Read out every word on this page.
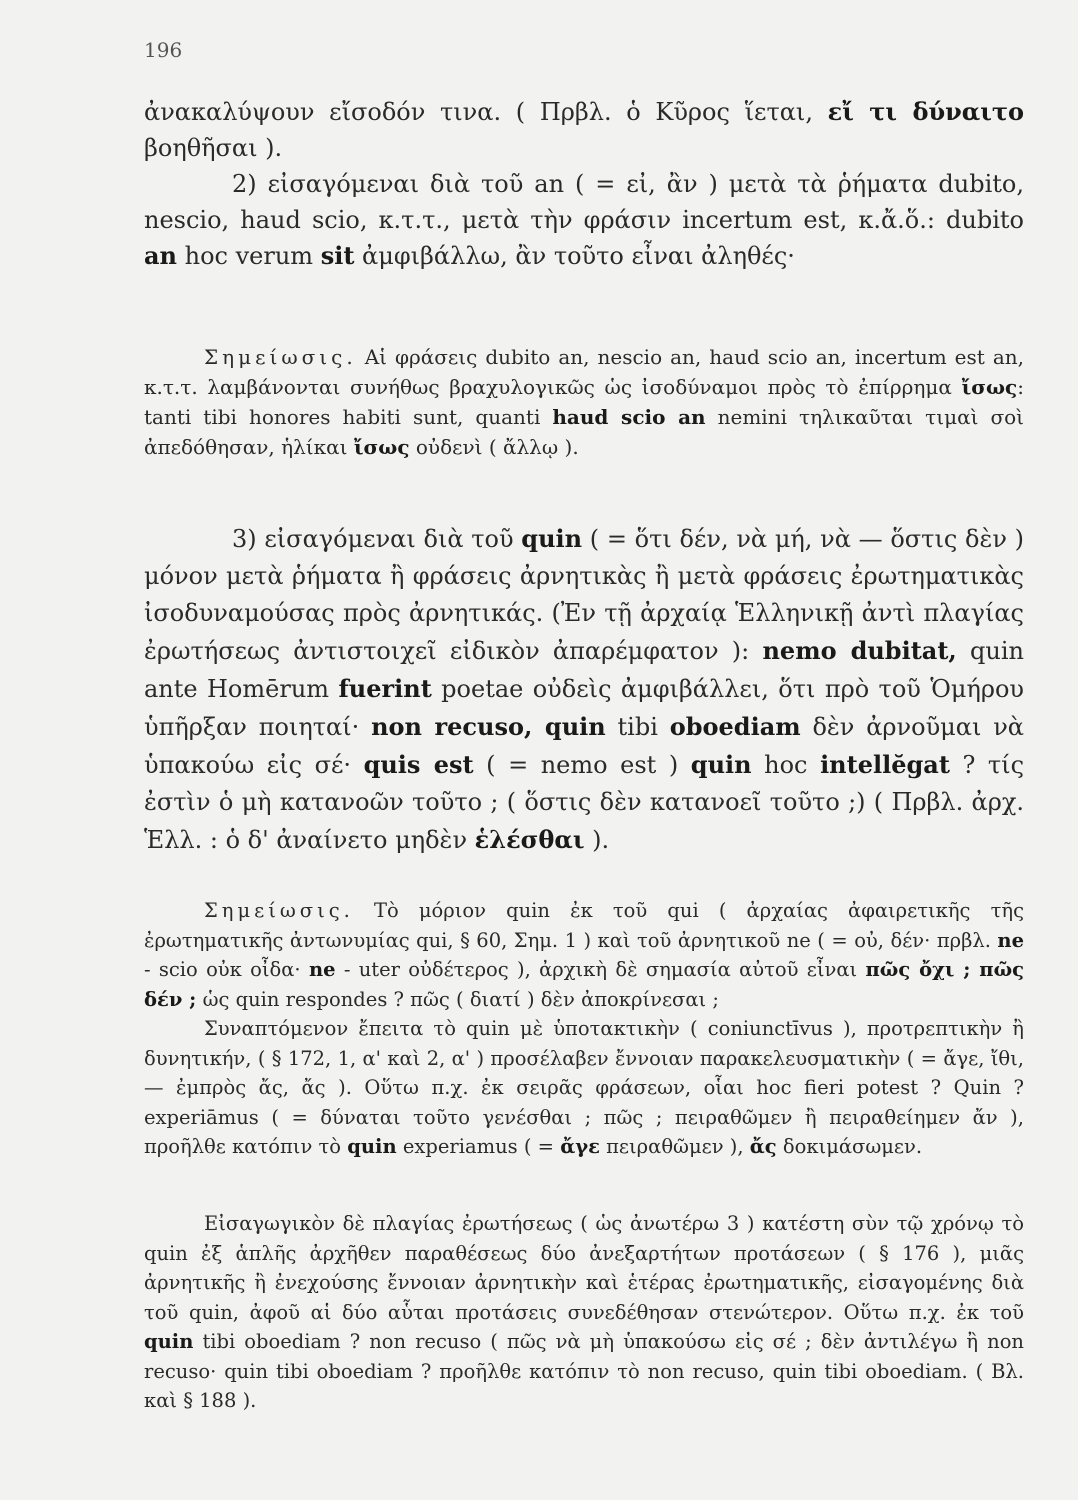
196

ἀνακαλύψουν εἴσοδόν τινα. ( Πρβλ. ὁ Κῦρος ἵεται, εἴ τι δύναιτο βοηθῆσαι ).

2) εἰσαγόμεναι διὰ τοῦ an ( = εἰ, ἂν ) μετὰ τὰ ῥήματα dubito, nescio, haud scio, κ.τ.τ., μετὰ τὴν φράσιν incertum est, κ.ἄ.ὅ.: dubito an hoc verum sit ἀμφιβάλλω, ἂν τοῦτο εἶναι ἀληθές·

Σημείωσις. Αἱ φράσεις dubito an, nescio an, haud scio an, incertum est an, κ.τ.τ. λαμβάνονται συνήθως βραχυλογικῶς ὡς ἰσοδύναμοι πρὸς τὸ ἐπίρρημα ἴσως: tanti tibi honores habiti sunt, quanti haud scio an nemini τηλικαῦται τιμαὶ σοὶ ἀπεδόθησαν, ἡλίκαι ἴσως οὐδενὶ ( ἄλλῳ ).

3) εἰσαγόμεναι διὰ τοῦ quin ( = ὅτι δέν, νὰ μή, νὰ — ὅστις δὲν ) μόνον μετὰ ῥήματα ἢ φράσεις ἀρνητικὰς ἢ μετὰ φράσεις ἐρωτηματικὰς ἰσοδυναμούσας πρὸς ἀρνητικάς. (Ἐν τῇ ἀρχαίᾳ Ἑλληνικῇ ἀντὶ πλαγίας ἐρωτήσεως ἀντιστοιχεῖ εἰδικὸν ἀπαρέμφατον ): nemo dubitat, quin ante Homērum fuerint poetae οὐδεὶς ἀμφιβάλλει, ὅτι πρὸ τοῦ Ὁμήρου ὑπῆρξαν ποιηταί· non recuso, quin tibi oboediam δὲν ἀρνοῦμαι νὰ ὑπακούω εἰς σέ· quis est ( = nemo est ) quin hoc intellĕgat ? τίς ἐστὶν ὁ μὴ κατανοῶν τοῦτο ; ( ὅστις δὲν κατανοεῖ τοῦτο ;) ( Πρβλ. ἀρχ. Ἑλλ. : ὁ δ' ἀναίνετο μηδὲν ἑλέσθαι ).

Σημείωσις. Τὸ μόριον quin ἐκ τοῦ qui ( ἀρχαίας ἀφαιρετικῆς τῆς ἐρωτηματικῆς ἀντωνυμίας qui, § 60, Σημ. 1 ) καὶ τοῦ ἀρνητικοῦ ne ( = οὐ, δέν· πρβλ. ne - scio οὐκ οἶδα· ne - uter οὐδέτερος ), ἀρχικὴ δὲ σημασία αὐτοῦ εἶναι πῶς ὄχι ; πῶς δέν ; ὡς quin respondes ? πῶς ( διατί ) δὲν ἀποκρίνεσαι ;

Συναπτόμενον ἔπειτα τὸ quin μὲ ὑποτακτικὴν ( coniunctīvus ), προτρεπτικὴν ἢ δυνητικήν, ( § 172, 1, α' καὶ 2, α' ) προσέλαβεν ἔννοιαν παρακελευσματικὴν ( = ἄγε, ἴθι,— ἐμπρὸς ἄς, ἄς ). Οὕτω π.χ. ἐκ σειρᾶς φράσεων, οἷαι hoc fieri potest ? Quin ? experiāmus ( = δύναται τοῦτο γενέσθαι ; πῶς ; πειραθῶμεν ἢ πειραθείημεν ἄν ), προῆλθε κατόπιν τὸ quin experiamus ( = ἄγε πειραθῶμεν ), ἄς δοκιμάσωμεν.

Εἰσαγωγικὸν δὲ πλαγίας ἐρωτήσεως ( ὡς ἀνωτέρω 3 ) κατέστη σὺν τῷ χρόνῳ τὸ quin ἐξ ἁπλῆς ἀρχῆθεν παραθέσεως δύο ἀνεξαρτήτων προτάσεων ( § 176 ), μιᾶς ἀρνητικῆς ἢ ἐνεχούσης ἔννοιαν ἀρνητικὴν καὶ ἑτέρας ἐρωτηματικῆς, εἰσαγομένης διὰ τοῦ quin, ἀφοῦ αἱ δύο αὗται προτάσεις συνεδέθησαν στενώτερον. Οὕτω π.χ. ἐκ τοῦ quin tibi oboediam ? non recuso ( πῶς νὰ μὴ ὑπακούσω εἰς σέ ; δὲν ἀντιλέγω ἢ non recuso· quin tibi oboediam ? προῆλθε κατόπιν τὸ non recuso, quin tibi oboediam. ( Βλ. καὶ § 188 ).
